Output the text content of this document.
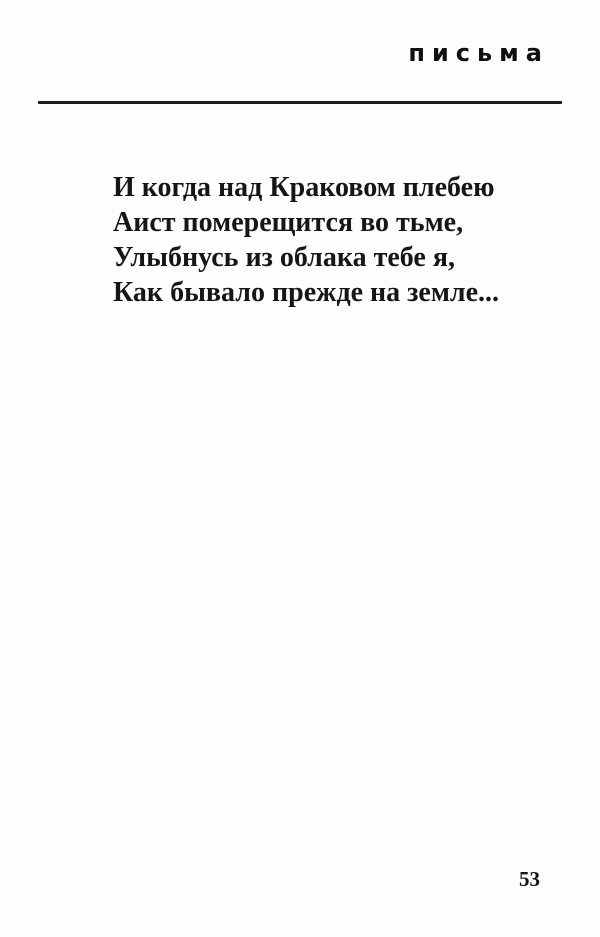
письма

И когда над Краковом плебею

Аист померещится во тьме,

Улыбнусь из облака тебе я,

Как бывало прежде на земле...

53
